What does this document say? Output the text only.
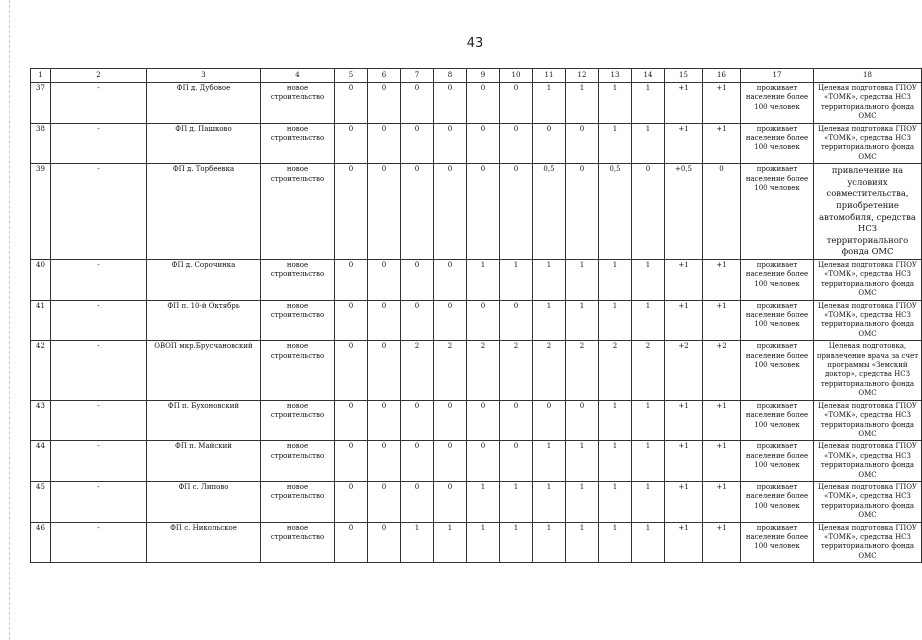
43
1	2	3	4	5	6	7	8	9	10	11	12	13	14	15	16	17	18
37	-	ФП д. Дубовое	новое строительство	0	0	0	0	0	0	1	1	1	1	+1	+1	проживает население более 100 человек	Целевая подготовка ГПОУ «ТОМК», средства НСЗ территориального фонда ОМС
38	-	ФП д. Пашково	новое строительство	0	0	0	0	0	0	0	0	1	1	+1	+1	проживает население более 100 человек	Целевая подготовка ГПОУ «ТОМК», средства НСЗ территориального фонда ОМС
39	-	ФП д. Торбеевка	новое строительство	0	0	0	0	0	0	0,5	0	0,5	0	+0,5	0	проживает население более 100 человек	привлечение на условиях совместительства, приобретение автомобиля, средства НСЗ территориального фонда ОМС
40	-	ФП д. Сорочинка	новое строительство	0	0	0	0	1	1	1	1	1	1	+1	+1	проживает население более 100 человек	Целевая подготовка ГПОУ «ТОМК», средства НСЗ территориального фонда ОМС
41	-	ФП п. 10-й Октябрь	новое строительство	0	0	0	0	0	0	1	1	1	1	+1	+1	проживает население более 100 человек	Целевая подготовка ГПОУ «ТОМК», средства НСЗ территориального фонда ОМС
42	-	ОВОП мкр.Брусчановский	новое строительство	0	0	2	2	2	2	2	2	2	2	+2	+2	проживает население более 100 человек	Целевая подготовка, привлечение врача за счет программы «Земский доктор», средства НСЗ территориального фонда ОМС
43	-	ФП п. Бухоновский	новое строительство	0	0	0	0	0	0	0	0	1	1	+1	+1	проживает население более 100 человек	Целевая подготовка ГПОУ «ТОМК», средства НСЗ территориального фонда ОМС
44	-	ФП п. Майский	новое строительство	0	0	0	0	0	0	1	1	1	1	+1	+1	проживает население более 100 человек	Целевая подготовка ГПОУ «ТОМК», средства НСЗ территориального фонда ОМС
45	-	ФП с. Липово	новое строительство	0	0	0	0	1	1	1	1	1	1	+1	+1	проживает население более 100 человек	Целевая подготовка ГПОУ «ТОМК», средства НСЗ территориального фонда ОМС
46	-	ФП с. Никольское	новое строительство	0	0	1	1	1	1	1	1	1	1	+1	+1	проживает население более 100 человек	Целевая подготовка ГПОУ «ТОМК», средства НСЗ территориального фонда ОМС
